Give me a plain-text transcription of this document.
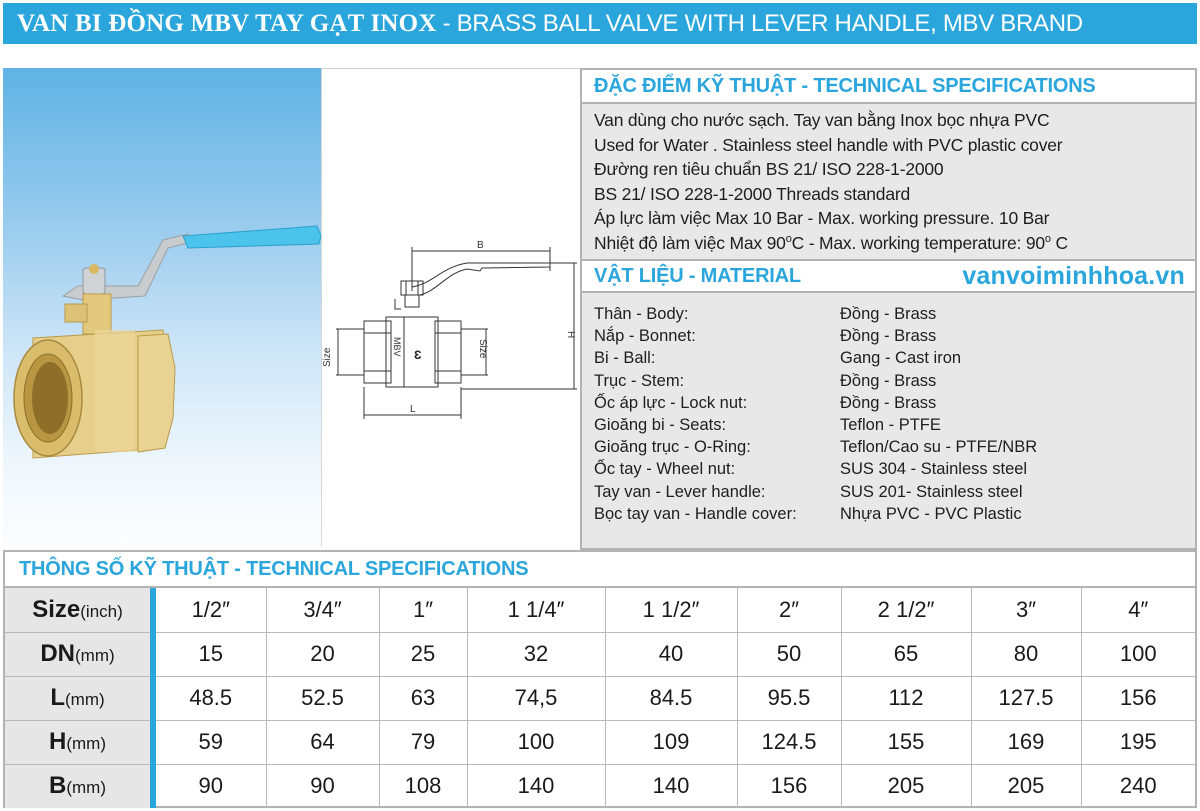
VAN BI ĐỒNG MBV TAY GẠT INOX - BRASS BALL VALVE WITH LEVER HANDLE, MBV BRAND
B
MBV Ɛ
Size	Size
H
L
ĐẶC ĐIỂM KỸ THUẬT - TECHNICAL SPECIFICATIONS
Van dùng cho nước sạch. Tay van bằng Inox bọc nhựa PVC
Used for Water . Stainless steel handle with PVC plastic cover
Đường ren tiêu chuẩn BS 21/ ISO 228-1-2000
BS 21/ ISO 228-1-2000 Threads standard
Áp lực làm việc Max 10 Bar - Max. working pressure. 10 Bar
Nhiệt độ làm việc Max 90$^o$C - Max. working temperature: 90$^o$ C
VẬT LIỆU - MATERIAL	vanvoiminhhoa.vn
Thân - Body:	Đồng - Brass
Nắp - Bonnet:	Đồng - Brass
Bi - Ball:	Gang - Cast iron
Trục - Stem:	Đồng - Brass
Ốc áp lực - Lock nut:	Đồng - Brass
Gioăng bi - Seats:	Teflon - PTFE
Gioăng trục - O-Ring:	Teflon/Cao su - PTFE/NBR
Ốc tay - Wheel nut:	SUS 304 - Stainless steel
Tay van - Lever handle:	SUS 201- Stainless steel
Bọc tay van - Handle cover:	Nhựa PVC - PVC Plastic
THÔNG SỐ KỸ THUẬT - TECHNICAL SPECIFICATIONS
Size(inch)	1/2″	3/4″	1″	1 1/4″	1 1/2″	2″	2 1/2″	3″	4″
DN(mm)	15	20	25	32	40	50	65	80	100
L(mm)	48.5	52.5	63	74,5	84.5	95.5	112	127.5	156
H(mm)	59	64	79	100	109	124.5	155	169	195
B(mm)	90	90	108	140	140	156	205	205	240
